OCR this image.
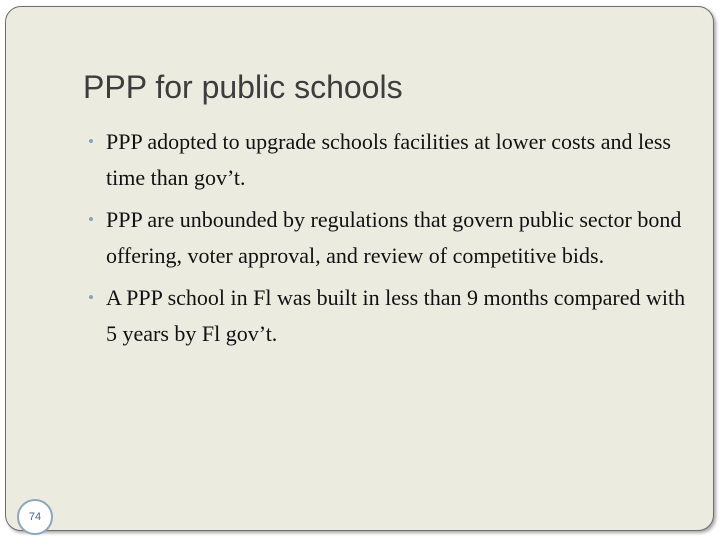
PPP for public schools
• PPP adopted to upgrade schools facilities at lower costs and less time than gov’t.
• PPP are unbounded by regulations that govern public sector bond offering, voter approval, and review of competitive bids.
• A PPP school in Fl was built in less than 9 months compared with 5 years by Fl gov’t.
74
